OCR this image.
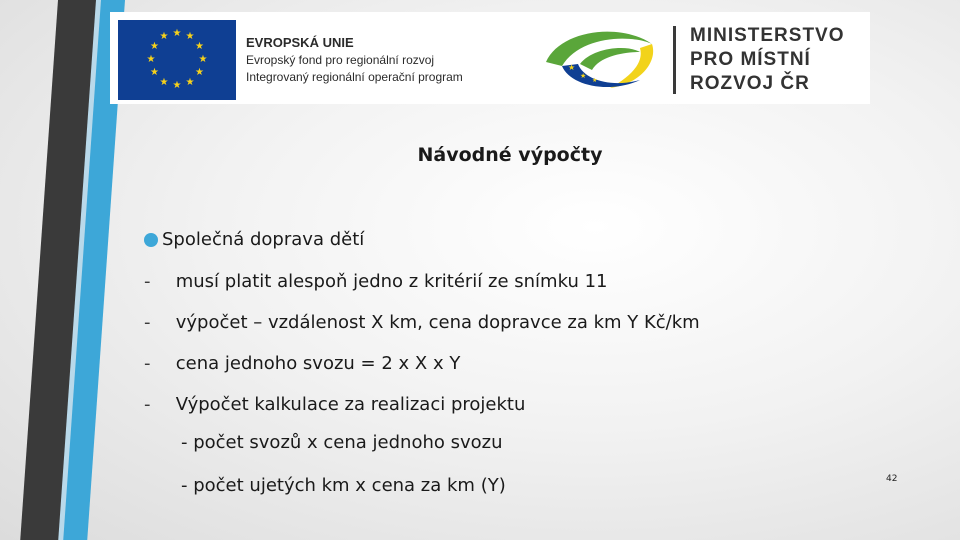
★ ★
★
★
★
★
★
★
★
★
★
★	EVROPSKÁ UNIE
Evropský fond pro regionální rozvoj
Integrovaný regionální operační program
★
★
★
MINISTERSTVO
PRO MÍSTNÍ
ROZVOJ ČR
Návodné výpočty
Společná doprava dětí
- musí platit alespoň jedno z kritérií ze snímku 11
- výpočet – vzdálenost X km, cena dopravce za km Y Kč/km
- cena jednoho svozu = 2 x X x Y
- Výpočet kalkulace za realizaci projektu
- počet svozů x cena jednoho svozu
- počet ujetých km x cena za km (Y)	42
